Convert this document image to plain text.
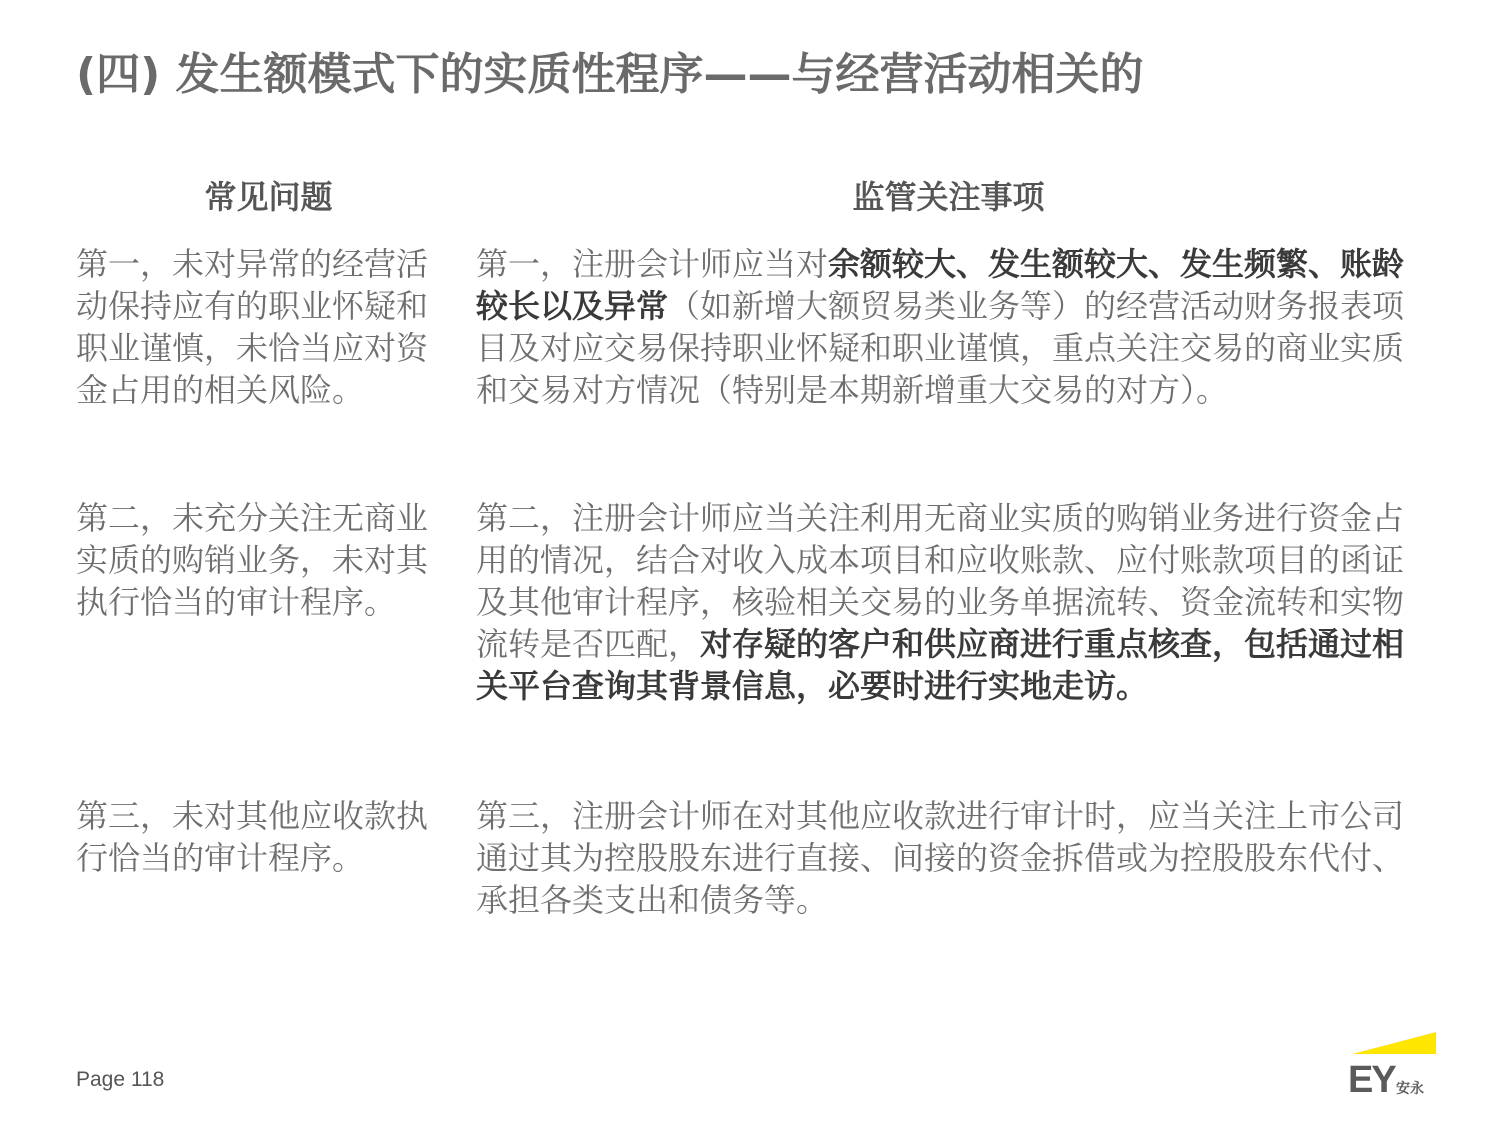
(四) 发生额模式下的实质性程序——与经营活动相关的
常见问题	监管关注事项
第一，未对异常的经营活动保持应有的职业怀疑和职业谨慎，未恰当应对资金占用的相关风险。
第一，注册会计师应当对余额较大、发生额较大、发生频繁、账龄较长以及异常（如新增大额贸易类业务等）的经营活动财务报表项目及对应交易保持职业怀疑和职业谨慎，重点关注交易的商业实质和交易对方情况（特别是本期新增重大交易的对方）。
第二，未充分关注无商业实质的购销业务，未对其执行恰当的审计程序。
第二，注册会计师应当关注利用无商业实质的购销业务进行资金占用的情况，结合对收入成本项目和应收账款、应付账款项目的函证及其他审计程序，核验相关交易的业务单据流转、资金流转和实物流转是否匹配，对存疑的客户和供应商进行重点核查，包括通过相关平台查询其背景信息，必要时进行实地走访。
第三，未对其他应收款执行恰当的审计程序。
第三，注册会计师在对其他应收款进行审计时，应当关注上市公司通过其为控股股东进行直接、间接的资金拆借或为控股股东代付、承担各类支出和债务等。
Page 118	EY 安永
